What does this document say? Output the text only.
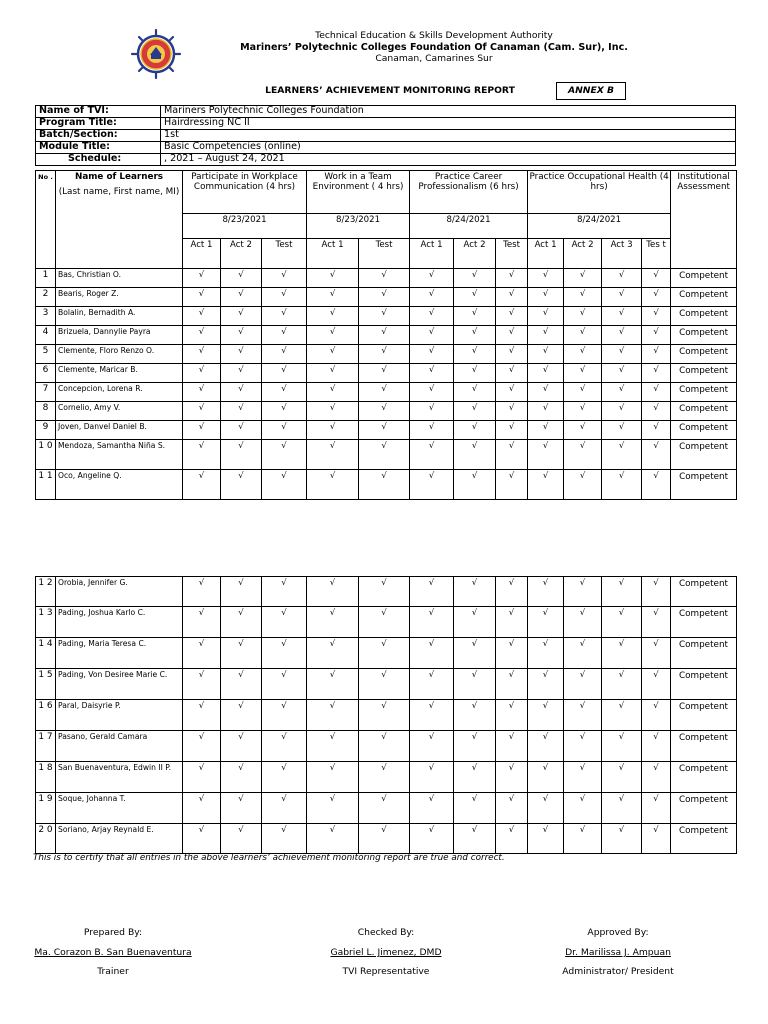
Technical Education & Skills Development Authority
Mariners’ Polytechnic Colleges Foundation Of Canaman (Cam. Sur), Inc.
Canaman, Camarines Sur
LEARNERS’ ACHIEVEMENT MONITORING REPORT	ANNEX B
Name of TVI:	Mariners Polytechnic Colleges Foundation
Program Title:	Hairdressing NC II
Batch/Section:	1st
Module Title:	Basic Competencies (online)
Schedule:	, 2021 – August 24, 2021
No .	Name of Learners
(Last name, First name, MI)	Participate in Workplace Communication (4 hrs)			Work in a Team Environment ( 4 hrs)		Practice Career Professionalism (6 hrs)			Practice Occupational Health (4 hrs)				Institutional Assessment
		8/23/2021			8/23/2021		8/24/2021			8/24/2021				
		Act 1	Act 2	Test	Act 1	Test	Act 1	Act 2	Test	Act 1	Act 2	Act 3	Tes t	
1	Bas, Christian O.	√	√	√	√	√	√	√	√	√	√	√	√	Competent
2	Bearis, Roger Z.	√	√	√	√	√	√	√	√	√	√	√	√	Competent
3	Bolalin, Bernadith A.	√	√	√	√	√	√	√	√	√	√	√	√	Competent
4	Brizuela, Dannylie Payra	√	√	√	√	√	√	√	√	√	√	√	√	Competent
5	Clemente, Floro Renzo O.	√	√	√	√	√	√	√	√	√	√	√	√	Competent
6	Clemente, Maricar B.	√	√	√	√	√	√	√	√	√	√	√	√	Competent
7	Concepcion, Lorena R.	√	√	√	√	√	√	√	√	√	√	√	√	Competent
8	Cornelio, Amy V.	√	√	√	√	√	√	√	√	√	√	√	√	Competent
9	Joven, Danvel Daniel B.	√	√	√	√	√	√	√	√	√	√	√	√	Competent
1 0	Mendoza, Samantha Niña S.	√	√	√	√	√	√	√	√	√	√	√	√	Competent
1 1	Oco, Angeline Q.	√	√	√	√	√	√	√	√	√	√	√	√	Competent
1 2	Orobia, Jennifer G.	√	√	√	√	√	√	√	√	√	√	√	√	Competent
1 3	Pading, Joshua Karlo C.	√	√	√	√	√	√	√	√	√	√	√	√	Competent
1 4	Pading, Maria Teresa C.	√	√	√	√	√	√	√	√	√	√	√	√	Competent
1 5	Pading, Von Desiree Marie C.	√	√	√	√	√	√	√	√	√	√	√	√	Competent
1 6	Paral, Daisyrie P.	√	√	√	√	√	√	√	√	√	√	√	√	Competent
1 7	Pasano, Gerald Camara	√	√	√	√	√	√	√	√	√	√	√	√	Competent
1 8	San Buenaventura, Edwin II P.	√	√	√	√	√	√	√	√	√	√	√	√	Competent
1 9	Soque, Johanna T.	√	√	√	√	√	√	√	√	√	√	√	√	Competent
2 0	Soriano, Arjay Reynald E.	√	√	√	√	√	√	√	√	√	√	√	√	Competent
This is to certify that all entries in the above learners’ achievement monitoring report are true and correct.
Prepared By:
Ma. Corazon B. San Buenaventura
Trainer
Checked By:
Gabriel L. Jimenez, DMD
TVI Representative
Approved By:
Dr. Marilissa J. Ampuan
Administrator/ President
